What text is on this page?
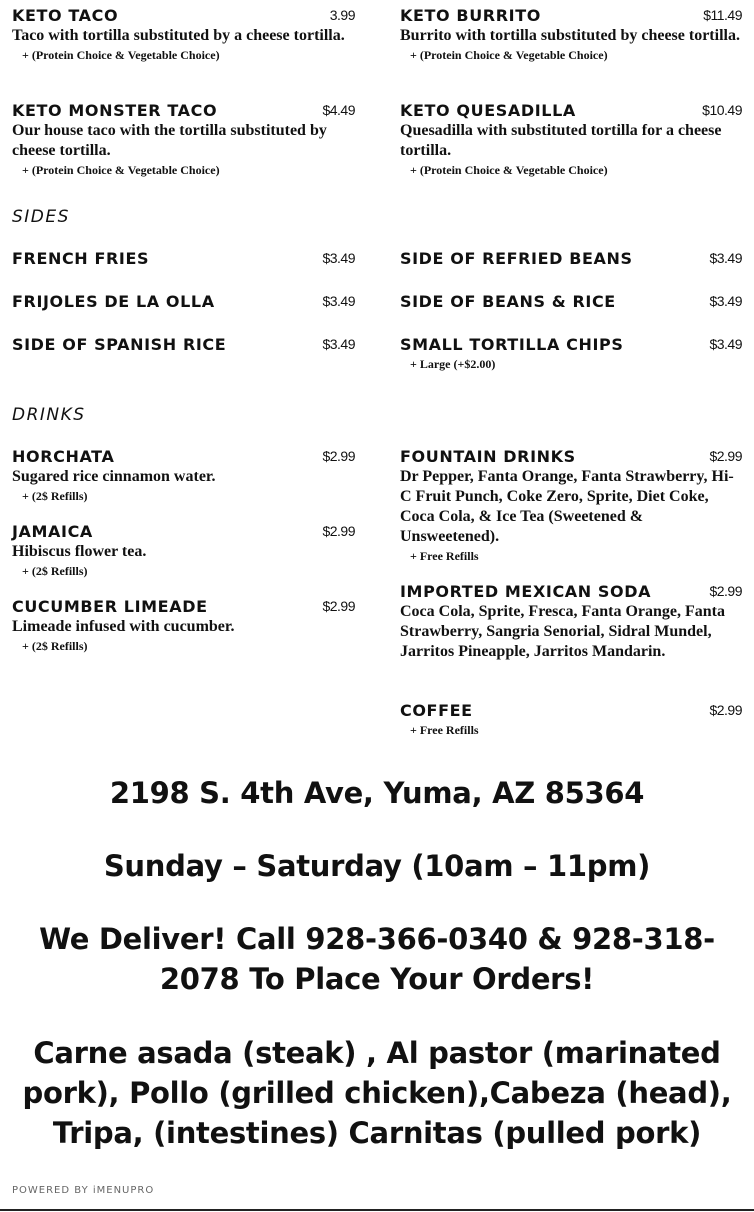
KETO TACO	3.99
Taco with tortilla substituted by a cheese tortilla.
+ (Protein Choice & Vegetable Choice)
KETO BURRITO	$11.49
Burrito with tortilla substituted by cheese tortilla.
+ (Protein Choice & Vegetable Choice)
KETO MONSTER TACO	$4.49
Our house taco with the tortilla substituted by cheese tortilla.
+ (Protein Choice & Vegetable Choice)
KETO QUESADILLA	$10.49
Quesadilla with substituted tortilla for a cheese tortilla.
+ (Protein Choice & Vegetable Choice)
SIDES
FRENCH FRIES	$3.49	SIDE OF REFRIED BEANS	$3.49
FRIJOLES DE LA OLLA	$3.49	SIDE OF BEANS & RICE	$3.49
SIDE OF SPANISH RICE	$3.49	SMALL TORTILLA CHIPS	$3.49
+ Large (+$2.00)
DRINKS
HORCHATA	$2.99
Sugared rice cinnamon water.
+ (2$ Refills)
FOUNTAIN DRINKS	$2.99
Dr Pepper, Fanta Orange, Fanta Strawberry, Hi-C Fruit Punch, Coke Zero, Sprite, Diet Coke, Coca Cola, & Ice Tea (Sweetened & Unsweetened).
+ Free Refills
JAMAICA	$2.99
Hibiscus flower tea.
+ (2$ Refills)
IMPORTED MEXICAN SODA	$2.99
Coca Cola, Sprite, Fresca, Fanta Orange, Fanta Strawberry, Sangria Senorial, Sidral Mundel, Jarritos Pineapple, Jarritos Mandarin.
CUCUMBER LIMEADE	$2.99
Limeade infused with cucumber.
+ (2$ Refills)
COFFEE	$2.99
+ Free Refills
2198 S. 4th Ave, Yuma, AZ 85364
Sunday – Saturday (10am – 11pm)
We Deliver! Call 928-366-0340 & 928-318-2078 To Place Your Orders!
Carne asada (steak) , Al pastor (marinated pork), Pollo (grilled chicken),Cabeza (head), Tripa, (intestines) Carnitas (pulled pork)
POWERED BY iMENUPRO
